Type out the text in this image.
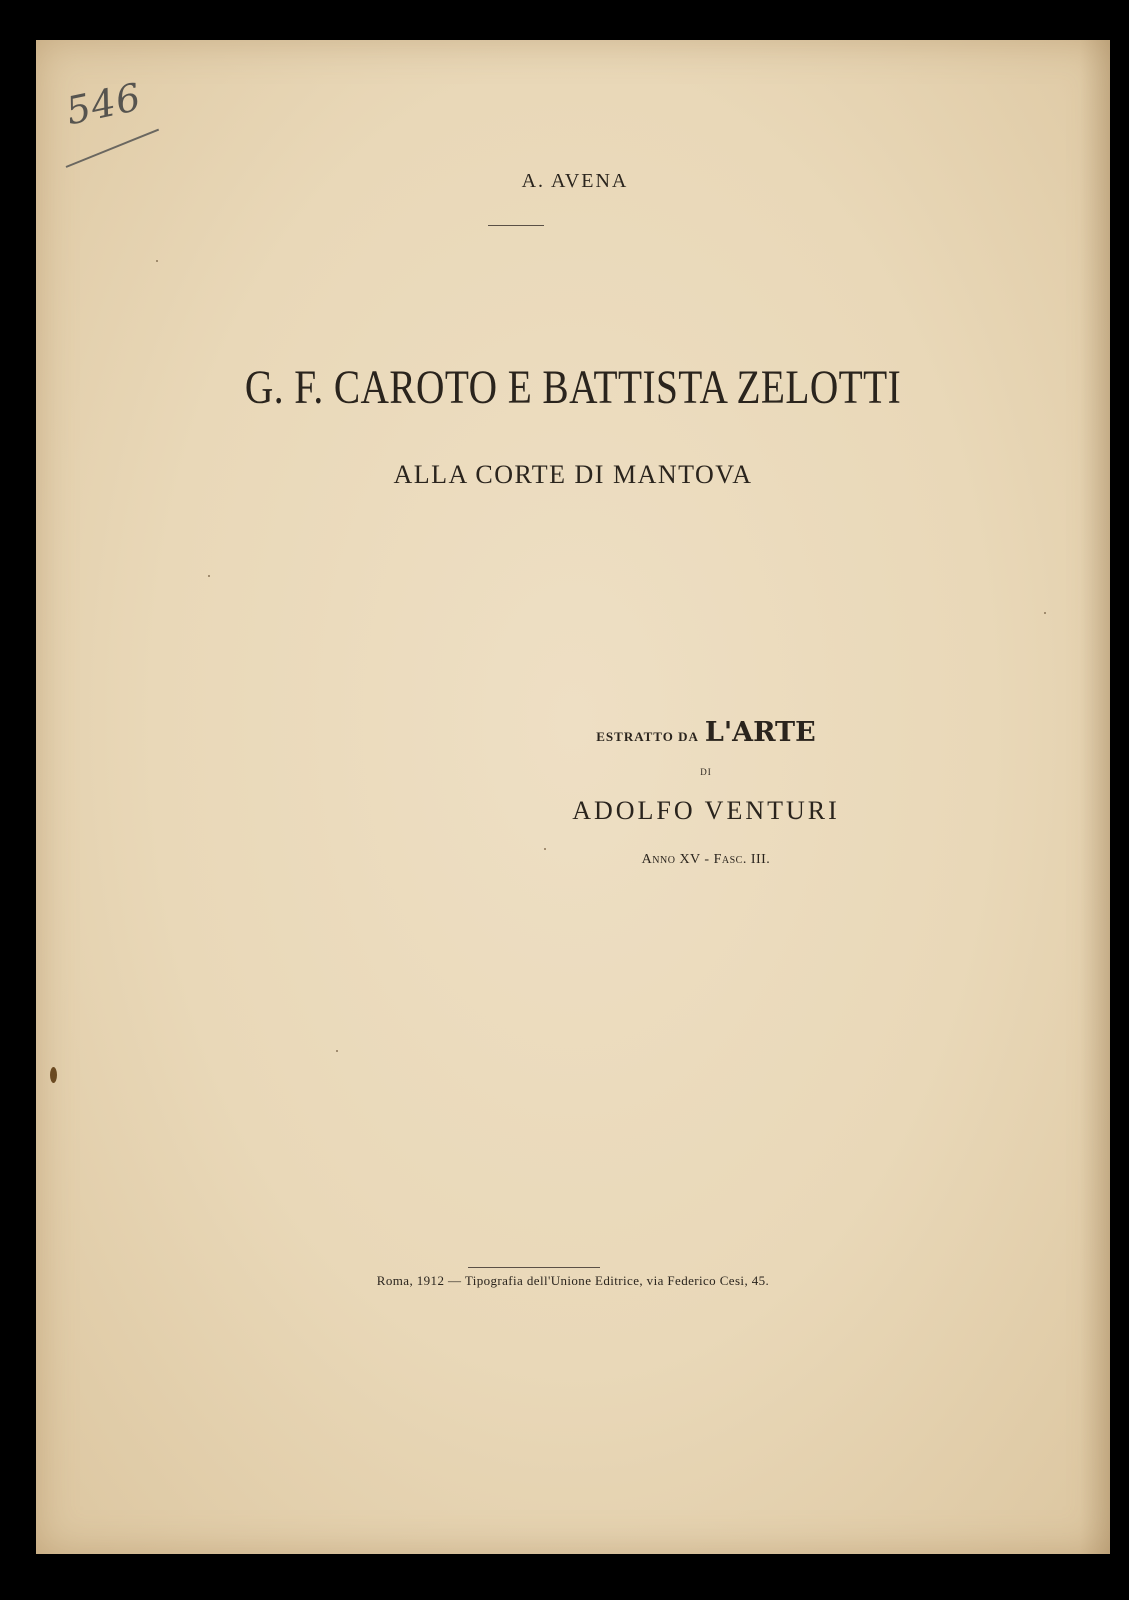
546
A. AVENA
G. F. CAROTO E BATTISTA ZELOTTI
ALLA CORTE DI MANTOVA
ESTRATTO DA L'ARTE
DI
ADOLFO VENTURI
Anno XV - Fasc. III.
Roma, 1912 — Tipografia dell'Unione Editrice, via Federico Cesi, 45.
